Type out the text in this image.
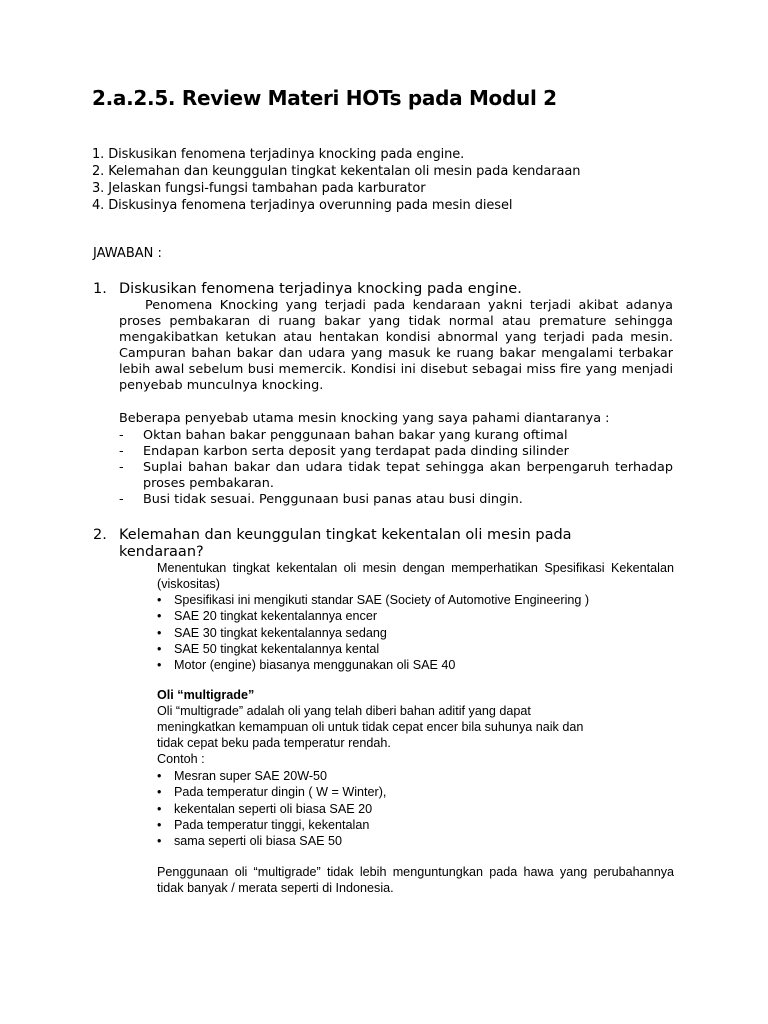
2.a.2.5. Review Materi HOTs pada Modul 2
1. Diskusikan fenomena terjadinya knocking pada engine.
2. Kelemahan dan keunggulan tingkat kekentalan oli mesin pada kendaraan
3. Jelaskan fungsi-fungsi tambahan pada karburator
4. Diskusinya fenomena terjadinya overunning pada mesin diesel
JAWABAN :
1. Diskusikan fenomena terjadinya knocking pada engine.

Penomena Knocking yang terjadi pada kendaraan yakni terjadi akibat adanya proses pembakaran di ruang bakar yang tidak normal atau premature sehingga mengakibatkan ketukan atau hentakan kondisi abnormal yang terjadi pada mesin. Campuran bahan bakar dan udara yang masuk ke ruang bakar mengalami terbakar lebih awal sebelum busi memercik. Kondisi ini disebut sebagai miss fire yang menjadi penyebab munculnya knocking.

Beberapa penyebab utama mesin knocking yang saya pahami diantaranya :
- Oktan bahan bakar penggunaan bahan bakar yang kurang oftimal
- Endapan karbon serta deposit yang terdapat pada dinding silinder
- Suplai bahan bakar dan udara tidak tepat sehingga akan berpengaruh terhadap proses pembakaran.
- Busi tidak sesuai. Penggunaan busi panas atau busi dingin.
2. Kelemahan dan keunggulan tingkat kekentalan oli mesin pada kendaraan?

Menentukan tingkat kekentalan oli mesin dengan memperhatikan Spesifikasi Kekentalan (viskositas)

• Spesifikasi ini mengikuti standar SAE (Society of Automotive Engineering )
• SAE 20 tingkat kekentalannya encer
• SAE 30 tingkat kekentalannya sedang
• SAE 50 tingkat kekentalannya kental
• Motor (engine) biasanya menggunakan oli SAE 40
Oli “multigrade”
Oli “multigrade” adalah oli yang telah diberi bahan aditif yang dapat
meningkatkan kemampuan oli untuk tidak cepat encer bila suhunya naik dan
tidak cepat beku pada temperatur rendah.
Contoh :
• Mesran super SAE 20W-50
• Pada temperatur dingin ( W = Winter),
• kekentalan seperti oli biasa SAE 20
• Pada temperatur tinggi, kekentalan
• sama seperti oli biasa SAE 50

Penggunaan oli “multigrade” tidak lebih menguntungkan pada hawa yang perubahannya tidak banyak / merata seperti di Indonesia.
